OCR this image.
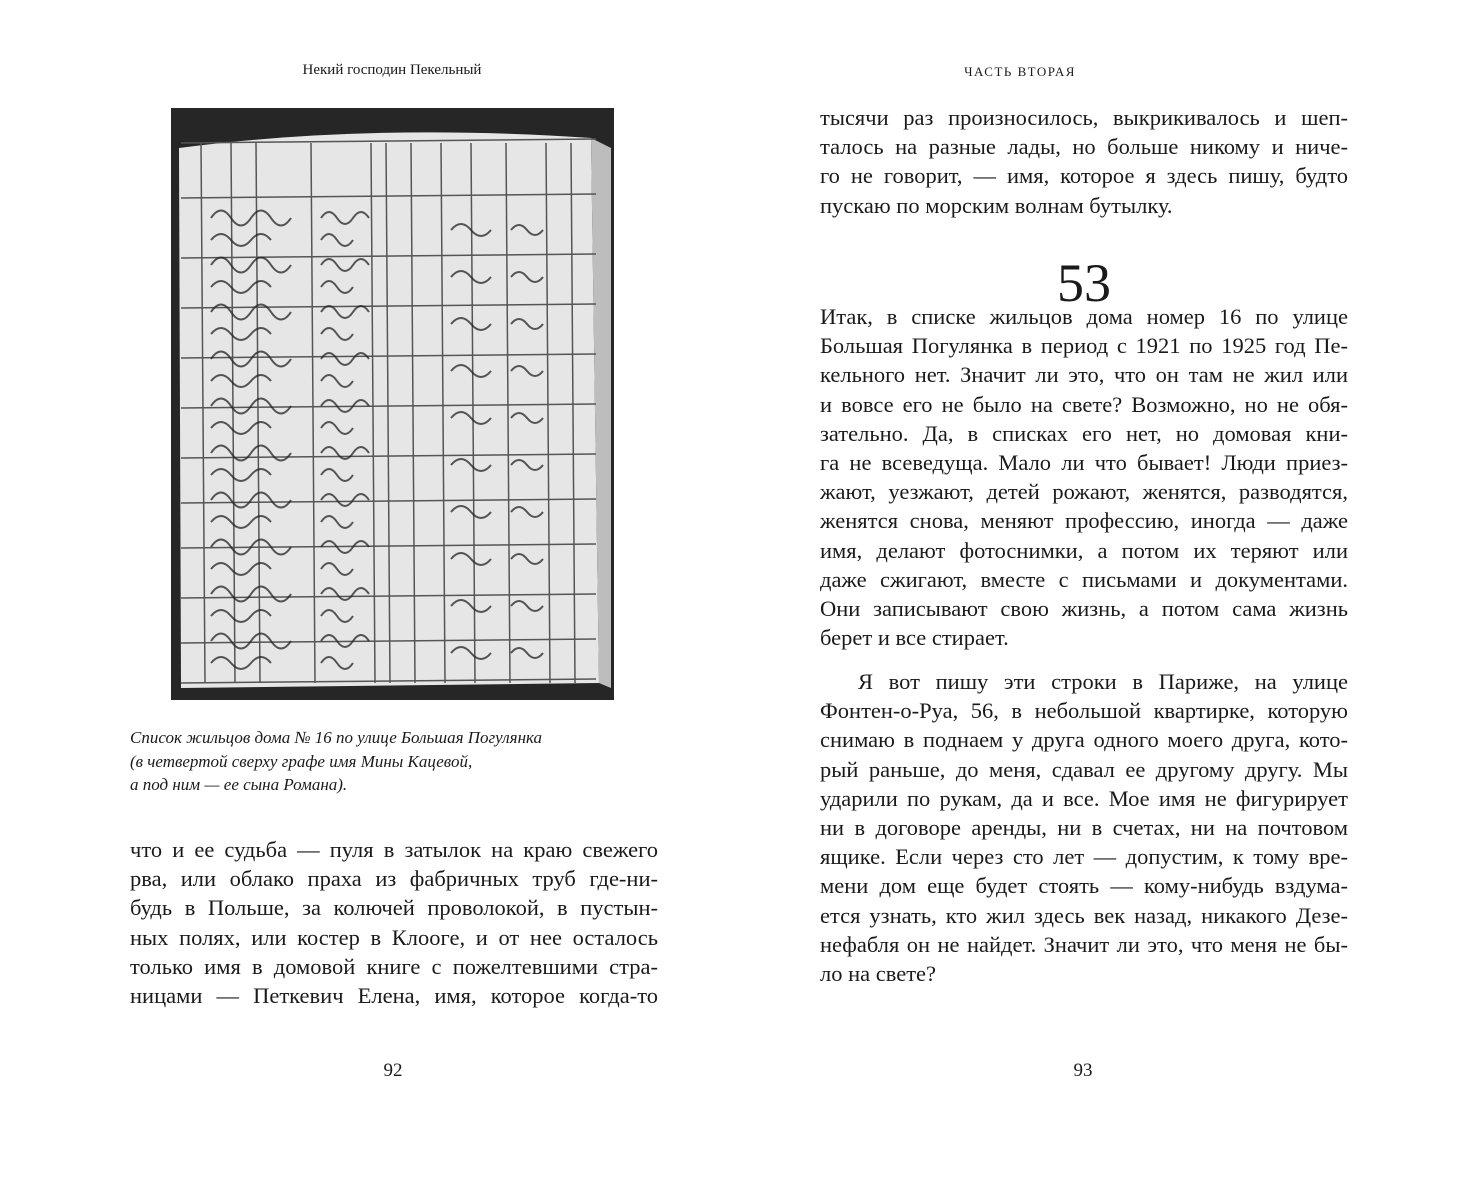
Некий господин Пекельный
Список жильцов дома № 16 по улице Большая Погулянка
(в четвертой сверху графе имя Мины Кацевой,
а под ним — ее сына Романа).
что и ее судьба — пуля в затылок на краю свежего
рва, или облако праха из фабричных труб где-ни-
будь в Польше, за колючей проволокой, в пустын-
ных полях, или костер в Клооге, и от нее осталось
только имя в домовой книге с пожелтевшими стра-
ницами — Петкевич Елена, имя, которое когда-то
92
ЧАСТЬ ВТОРАЯ
тысячи раз произносилось, выкрикивалось и шеп-
талось на разные лады, но больше никому и ниче-
го не говорит, — имя, которое я здесь пишу, будто
пускаю по морским волнам бутылку.
53
Итак, в списке жильцов дома номер 16 по улице
Большая Погулянка в период с 1921 по 1925 год Пе-
кельного нет. Значит ли это, что он там не жил или
и вовсе его не было на свете? Возможно, но не обя-
зательно. Да, в списках его нет, но домовая кни-
га не всеведуща. Мало ли что бывает! Люди приез-
жают, уезжают, детей рожают, женятся, разводятся,
женятся снова, меняют профессию, иногда — даже
имя, делают фотоснимки, а потом их теряют или
даже сжигают, вместе с письмами и документами.
Они записывают свою жизнь, а потом сама жизнь
берет и все стирает.
Я вот пишу эти строки в Париже, на улице
Фонтен-о-Руа, 56, в небольшой квартирке, которую
снимаю в поднаем у друга одного моего друга, кото-
рый раньше, до меня, сдавал ее другому другу. Мы
ударили по рукам, да и все. Мое имя не фигурирует
ни в договоре аренды, ни в счетах, ни на почтовом
ящике. Если через сто лет — допустим, к тому вре-
мени дом еще будет стоять — кому-нибудь вздума-
ется узнать, кто жил здесь век назад, никакого Дезе-
нефабля он не найдет. Значит ли это, что меня не бы-
ло на свете?
93
